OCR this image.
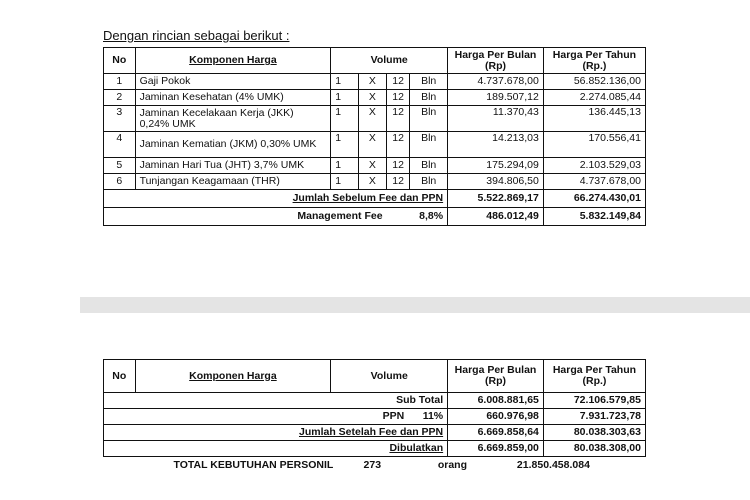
Dengan rincian sebagai berikut :
No	Komponen Harga	Volume				Harga Per Bulan (Rp)	Harga Per Tahun (Rp.)
1	Gaji Pokok	1	X	12	Bln	4.737.678,00	56.852.136,00
2	Jaminan Kesehatan (4% UMK)	1	X	12	Bln	189.507,12	2.274.085,44
3	Jaminan Kecelakaan Kerja (JKK) 0,24% UMK	1	X	12	Bln	11.370,43	136.445,13
4	Jaminan Kematian (JKM) 0,30% UMK	1	X	12	Bln	14.213,03	170.556,41
5	Jaminan Hari Tua (JHT) 3,7% UMK	1	X	12	Bln	175.294,09	2.103.529,03
6	Tunjangan Keagamaan (THR)	1	X	12	Bln	394.806,50	4.737.678,00
Jumlah Sebelum Fee dan PPN						5.522.869,17	66.274.430,01
Management Fee				8,8%		486.012,49	5.832.149,84
No	Komponen Harga	Volume	Harga Per Bulan (Rp)	Harga Per Tahun (Rp.)
Sub Total			6.008.881,65	72.106.579,85
PPN 11%			660.976,98	7.931.723,78
Jumlah Setelah Fee dan PPN			6.669.858,64	80.038.303,63
Dibulatkan			6.669.859,00	80.038.308,00
TOTAL KEBUTUHAN PERSONIL 273 orang 21.850.458.084				
